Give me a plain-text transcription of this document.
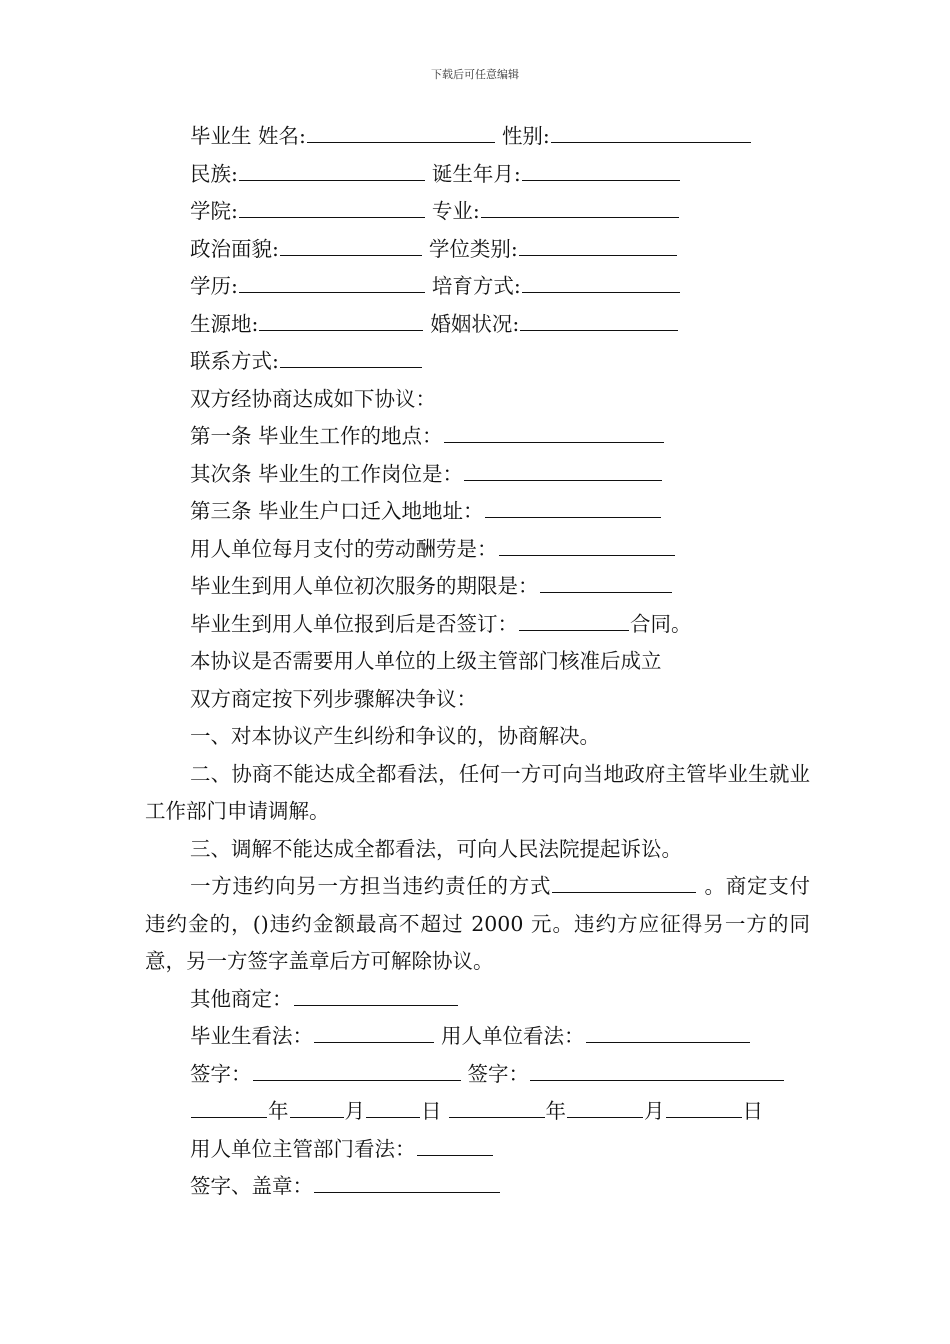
下载后可任意编辑
毕业生 姓名:	性别:
民族:	诞生年月:
学院:	专业:
政治面貌:	学位类别:
学历:	培育方式:
生源地:	婚姻状况:
联系方式:
双方经协商达成如下协议：
第一条 毕业生工作的地点：
其次条 毕业生的工作岗位是：
第三条 毕业生户口迁入地地址：
用人单位每月支付的劳动酬劳是：
毕业生到用人单位初次服务的期限是：
毕业生到用人单位报到后是否签订：	合同。
本协议是否需要用人单位的上级主管部门核准后成立
双方商定按下列步骤解决争议：
一、对本协议产生纠纷和争议的，协商解决。
二、协商不能达成全都看法，任何一方可向当地政府主管毕业生就业工作部门申请调解。
三、调解不能达成全都看法，可向人民法院提起诉讼。
一方违约向另一方担当违约责任的方式	。商定支付违约金的，()违约金额最高不超过 2000 元。违约方应征得另一方的同意，另一方签字盖章后方可解除协议。
其他商定：
毕业生看法：	用人单位看法：
签字：	签字：
年	月	日	年	月	日
用人单位主管部门看法：
签字、盖章：
